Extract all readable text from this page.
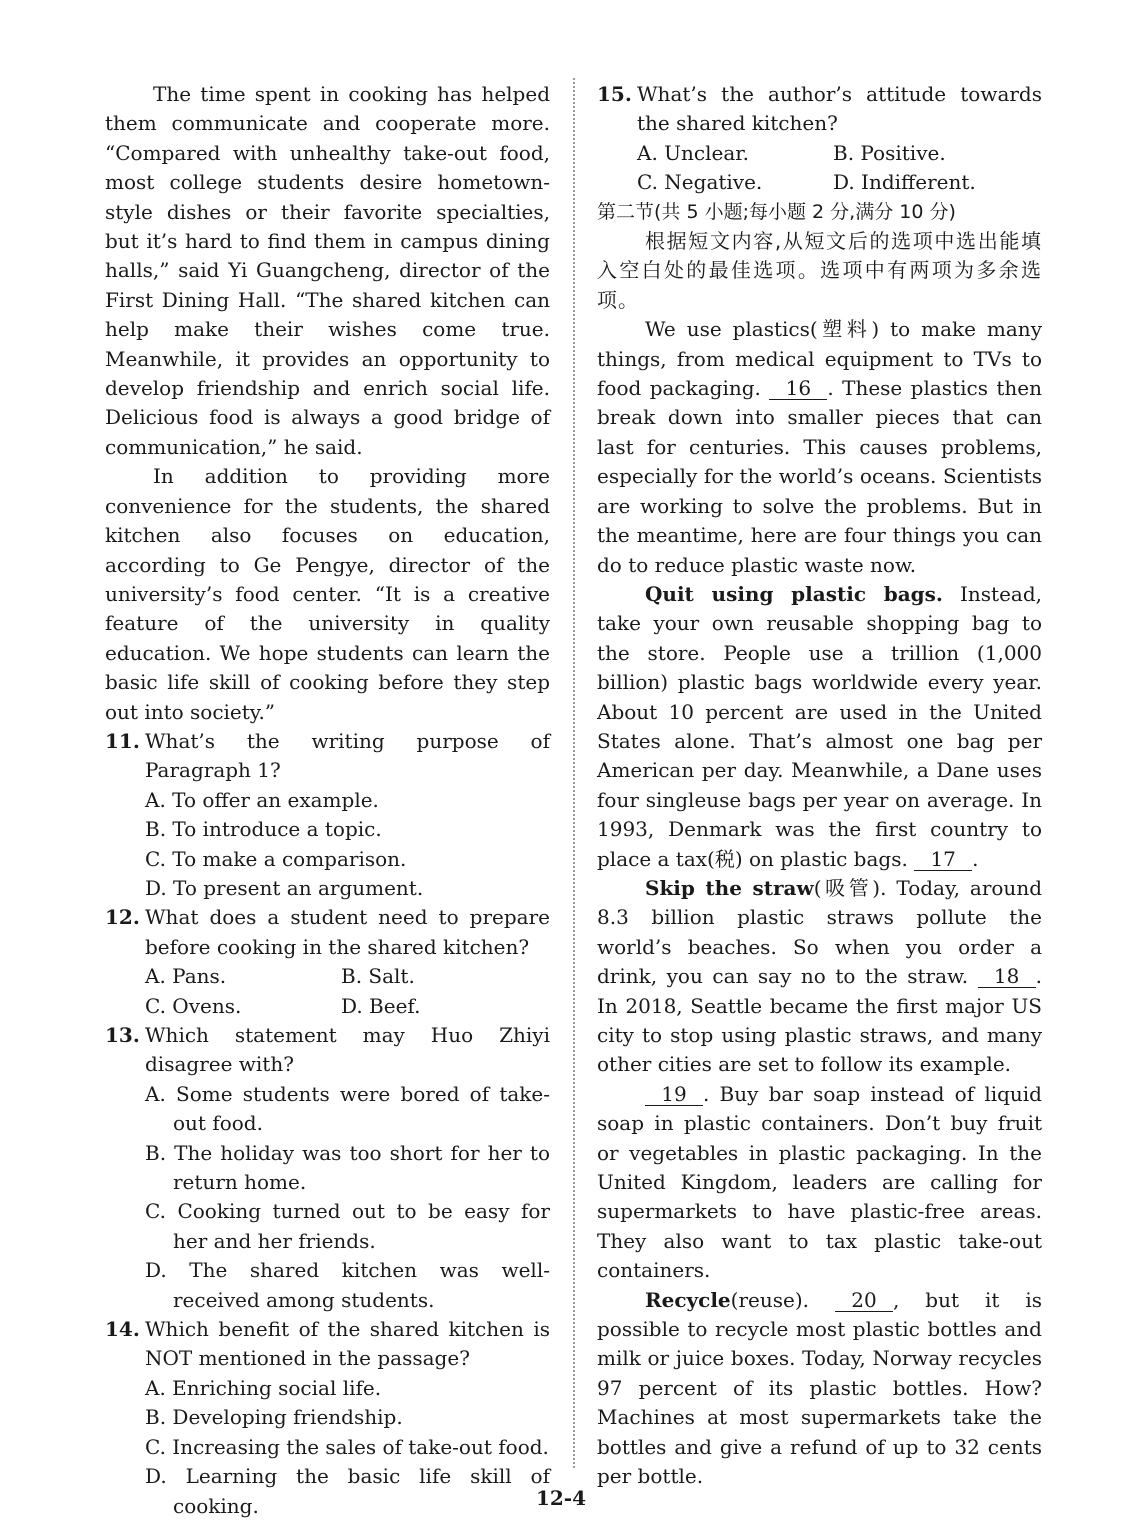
The time spent in cooking has helped them communicate and cooperate more. “Compared with unhealthy take-out food, most college students desire hometown-style dishes or their favorite specialties, but it’s hard to find them in campus dining halls,” said Yi Guangcheng, director of the First Dining Hall. “The shared kitchen can help make their wishes come true. Meanwhile, it provides an opportunity to develop friendship and enrich social life. Delicious food is always a good bridge of communication,” he said.

In addition to providing more convenience for the students, the shared kitchen also focuses on education, according to Ge Pengye, director of the university’s food center. “It is a creative feature of the university in quality education. We hope students can learn the basic life skill of cooking before they step out into society.”

11. What’s the writing purpose of Paragraph 1?

A. To offer an example.
B. To introduce a topic.
C. To make a comparison.
D. To present an argument.

12. What does a student need to prepare before cooking in the shared kitchen?

A. Pans.	B. Salt.
C. Ovens.	D. Beef.

13. Which statement may Huo Zhiyi disagree with?

A. Some students were bored of take-out food.
B. The holiday was too short for her to return home.
C. Cooking turned out to be easy for her and her friends.
D. The shared kitchen was well-received among students.

14. Which benefit of the shared kitchen is NOT mentioned in the passage?

A. Enriching social life.
B. Developing friendship.
C. Increasing the sales of take-out food.
D. Learning the basic life skill of cooking.

15. What’s the author’s attitude towards the shared kitchen?

A. Unclear.	B. Positive.
C. Negative.	D. Indifferent.

第二节(共 5 小题;每小题 2 分,满分 10 分)

根据短文内容,从短文后的选项中选出能填入空白处的最佳选项。选项中有两项为多余选项。

We use plastics(塑料) to make many things, from medical equipment to TVs to food packaging. 16 . These plastics then break down into smaller pieces that can last for centuries. This causes problems, especially for the world’s oceans. Scientists are working to solve the problems. But in the meantime, here are four things you can do to reduce plastic waste now.

Quit using plastic bags. Instead, take your own reusable shopping bag to the store. People use a trillion (1,000 billion) plastic bags worldwide every year. About 10 percent are used in the United States alone. That’s almost one bag per American per day. Meanwhile, a Dane uses four singleuse bags per year on average. In 1993, Denmark was the first country to place a tax(税) on plastic bags. 17 .

Skip the straw(吸管). Today, around 8.3 billion plastic straws pollute the world’s beaches. So when you order a drink, you can say no to the straw. 18 . In 2018, Seattle became the first major US city to stop using plastic straws, and many other cities are set to follow its example.

19 . Buy bar soap instead of liquid soap in plastic containers. Don’t buy fruit or vegetables in plastic packaging. In the United Kingdom, leaders are calling for supermarkets to have plastic-free areas. They also want to tax plastic take-out containers.

Recycle(reuse). 20 , but it is possible to recycle most plastic bottles and milk or juice boxes. Today, Norway recycles 97 percent of its plastic bottles. How? Machines at most supermarkets take the bottles and give a refund of up to 32 cents per bottle.

12-4
